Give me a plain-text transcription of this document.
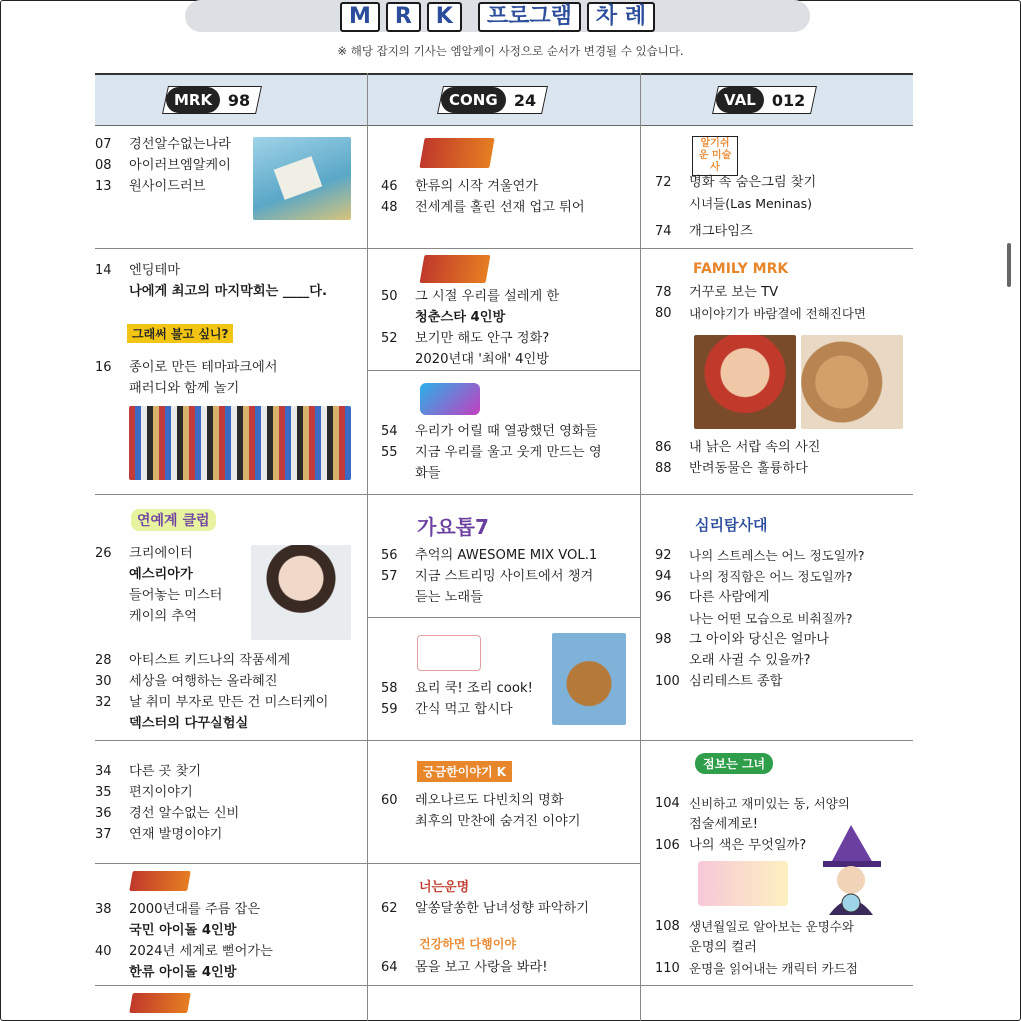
M	R	K	프로그램	차 례
※ 해당 잡지의 기사는 엠알케이 사정으로 순서가 변경될 수 있습니다.
MRK	98	CONG	24	VAL	012
07	경선알수없는나라
08	아이러브엠알케이
13	원사이드러브
14	엔딩테마
나에게 최고의 마지막회는 ____다.
그래써 불고 싶니?
16	종이로 만든 테마파크에서
패러디와 함께 놀기
연예계 클럽
26	크리에이터
예스리아가
들어놓는 미스터
케이의 추억
28	아티스트 키드나의 작품세계
30	세상을 여행하는 올라혜진
32	날 취미 부자로 만든 건 미스터케이
덱스터의 다꾸실험실
34	다른 곳 찾기
35	편지이야기
36	경선 알수없는 신비
37	연재 발명이야기
38	2000년대를 주름 잡은
국민 아이돌 4인방
40	2024년 세계로 뻗어가는
한류 아이돌 4인방
46	한류의 시작 겨울연가
48	전세계를 홀린 선재 업고 튀어
50	그 시절 우리를 설레게 한
청춘스타 4인방
52	보기만 해도 안구 정화?
2020년대 '최애' 4인방
54	우리가 어릴 때 열광했던 영화들
55	지금 우리를 울고 웃게 만드는 영
화들
가요톱7
56	추억의 AWESOME MIX VOL.1
57	지금 스트리밍 사이트에서 챙겨
듣는 노래들
58	요리 쿡! 조리 cook!
59	간식 먹고 합시다
궁금한이야기 K
60	레오나르도 다빈치의 명화
최후의 만찬에 숨겨진 이야기
너는운명
62	알쏭달쏭한 남녀성향 파악하기
건강하면 다행이야
64	몸을 보고 사랑을 봐라!
알기쉬운 미술사
72	명화 속 숨은그림 찾기
시녀들(Las Meninas)
74	개그타임즈
FAMILY MRK
78	거꾸로 보는 TV
80	내이야기가 바람결에 전해진다면
86	내 낡은 서랍 속의 사진
88	반려동물은 훌륭하다
심리탐사대
92	나의 스트레스는 어느 정도일까?
94	나의 정직함은 어느 정도일까?
96	다른 사람에게
나는 어떤 모습으로 비춰질까?
98	그 아이와 당신은 얼마나
오래 사귈 수 있을까?
100 심리테스트 종합
점보는 그녀
104 신비하고 재미있는 동, 서양의
점술세계로!
106 나의 색은 무엇일까?
108 생년월일로 알아보는 운명수와
운명의 컬러
110 운명을 읽어내는 캐릭터 카드점
